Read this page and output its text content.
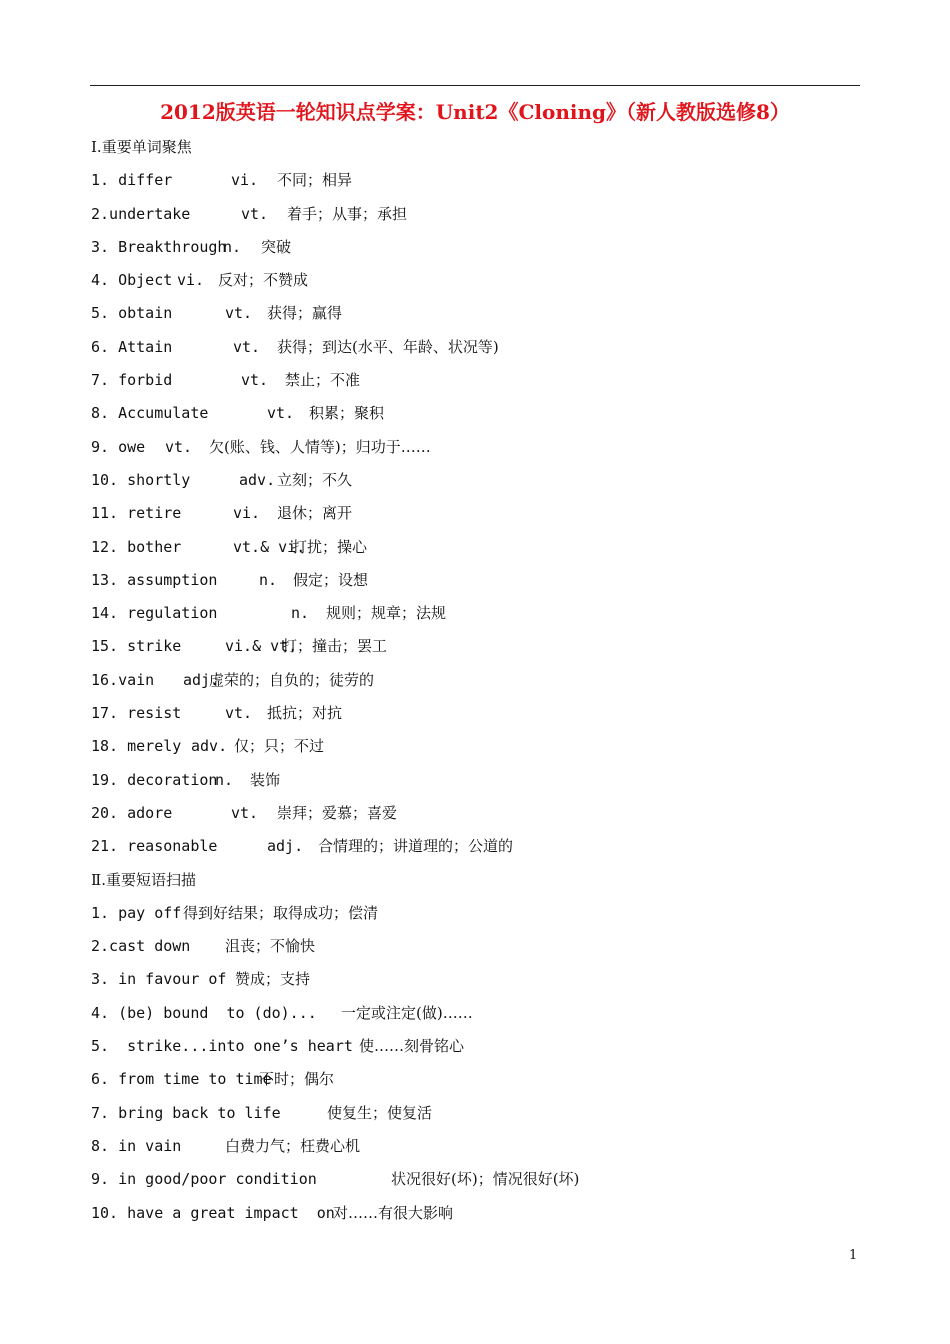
2012版英语一轮知识点学案：Unit2《Cloning》（新人教版选修8）
Ⅰ.重要单词聚焦
1. differ	vi. 不同；相异
2.undertake	vt. 着手；从事；承担
3. Breakthroughn. 突破
4. Object vi. 反对；不赞成
5. obtain	vt. 获得；赢得
6. Attain	vt. 获得；到达(水平、年龄、状况等)
7. forbid	vt. 禁止；不准
8. Accumulate	vt. 积累；聚积
9. owe vt. 欠(账、钱、人情等)；归功于……
10. shortly	adv. 立刻；不久
11. retire	vi. 退休；离开
12. bother	vt.& vi.打扰；操心
13. assumption	n. 假定；设想
14. regulation	n. 规则；规章；法规
15. strike	vi.& vt.打；撞击；罢工
16.vain adj.虚荣的；自负的；徒劳的
17. resist	vt. 抵抗；对抗
18. merely adv. 仅；只；不过
19. decorationn. 装饰
20. adore	vt. 崇拜；爱慕；喜爱
21. reasonable	adj. 合情理的；讲道理的；公道的
Ⅱ.重要短语扫描
1. pay off 得到好结果；取得成功；偿清
2.cast down 沮丧；不愉快
3. in favour of 赞成；支持
4. (be) bound  to (do)... 一定或注定(做)……
5.  strike...into one’s heart 使……刻骨铭心
6. from time to time不时；偶尔
7. bring back to life	使复生；使复活
8. in vain	白费力气；枉费心机
9. in good/poor condition	状况很好(坏)；情况很好(坏)
10. have a great impact  on对……有很大影响
1
